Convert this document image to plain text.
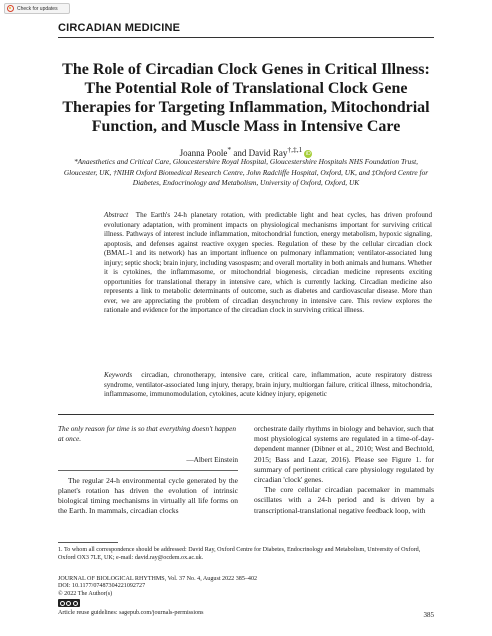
Check for updates
CIRCADIAN MEDICINE
The Role of Circadian Clock Genes in Critical Illness: The Potential Role of Translational Clock Gene Therapies for Targeting Inflammation, Mitochondrial Function, and Muscle Mass in Intensive Care
Joanna Poole* and David Ray$^{\dagger,\ddagger,1}$ iD
*Anaesthetics and Critical Care, Gloucestershire Royal Hospital, Gloucestershire Hospitals NHS Foundation Trust, Gloucester, UK, †NIHR Oxford Biomedical Research Centre, John Radcliffe Hospital, Oxford, UK, and ‡Oxford Centre for Diabetes, Endocrinology and Metabolism, University of Oxford, Oxford, UK
Abstract The Earth's 24-h planetary rotation, with predictable light and heat cycles, has driven profound evolutionary adaptation, with prominent impacts on physiological mechanisms important for surviving critical illness. Pathways of interest include inflammation, mitochondrial function, energy metabolism, hypoxic signaling, apoptosis, and defenses against reactive oxygen species. Regulation of these by the cellular circadian clock (BMAL-1 and its network) has an important influence on pulmonary inflammation; ventilator-associated lung injury; septic shock; brain injury, including vasospasm; and overall mortality in both animals and humans. Whether it is cytokines, the inflammasome, or mitochondrial biogenesis, circadian medicine represents exciting opportunities for translational therapy in intensive care, which is currently lacking. Circadian medicine also represents a link to metabolic determinants of outcome, such as diabetes and cardiovascular disease. More than ever, we are appreciating the problem of circadian desynchrony in intensive care. This review explores the rationale and evidence for the importance of the circadian clock in surviving critical illness.
Keywords circadian, chronotherapy, intensive care, critical care, inflammation, acute respiratory distress syndrome, ventilator-associated lung injury, therapy, brain injury, multiorgan failure, critical illness, mitochondria, inflammasome, immunomodulation, cytokines, acute kidney injury, epigenetic
The only reason for time is so that everything doesn't happen at once.
—Albert Einstein

The regular 24-h environmental cycle generated by the planet's rotation has driven the evolution of intrinsic biological timing mechanisms in virtually all life forms on the Earth. In mammals, circadian clocks

orchestrate daily rhythms in biology and behavior, such that most physiological systems are regulated in a time-of-day-dependent manner (Dibner et al., 2010; West and Bechtold, 2015; Bass and Lazar, 2016). Please see Figure 1. for summary of pertinent critical care physiology regulated by circadian 'clock' genes.

The core cellular circadian pacemaker in mammals oscillates with a 24-h period and is driven by a transcriptional-translational negative feedback loop, with

1. To whom all correspondence should be addressed: David Ray, Oxford Centre for Diabetes, Endocrinology and Metabolism, University of Oxford, Oxford OX3 7LE, UK; e-mail: david.ray@ocdem.ox.ac.uk.
JOURNAL OF BIOLOGICAL RHYTHMS, Vol. 37 No. 4, August 2022 385–402
DOI: 10.1177/07487304221092727
© 2022 The Author(s)
Article reuse guidelines: sagepub.com/journals-permissions	385
